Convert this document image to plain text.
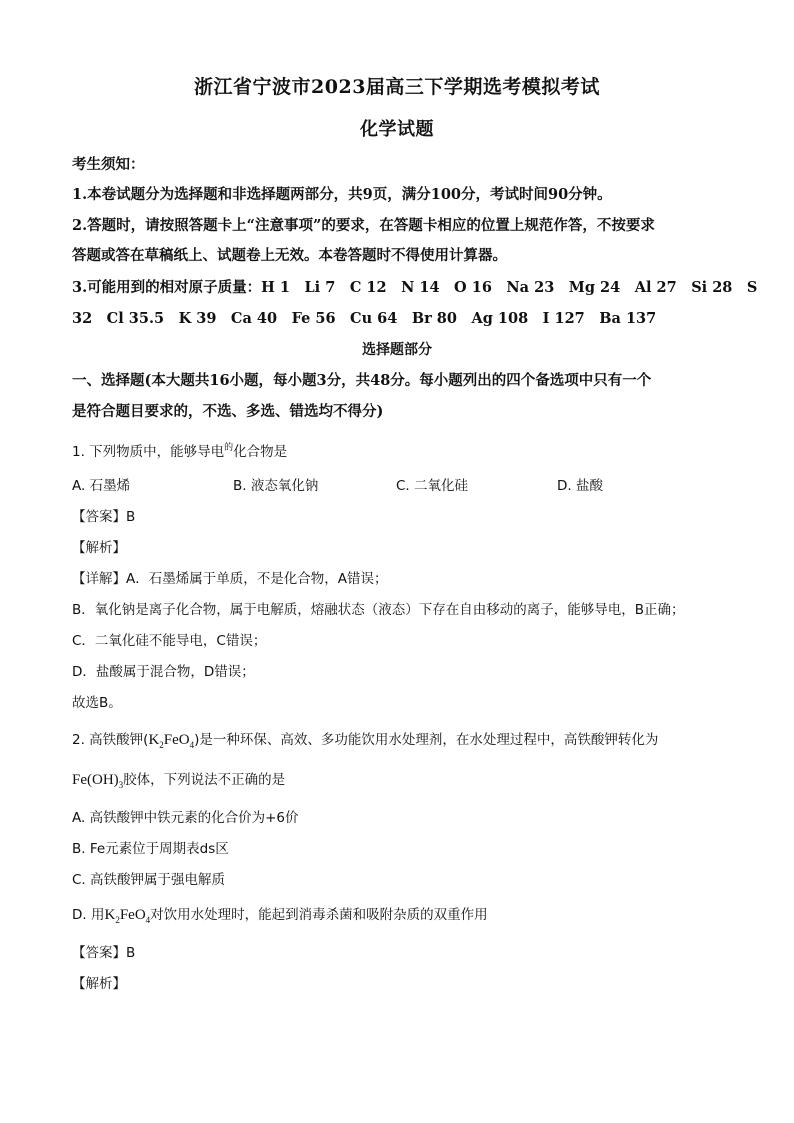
浙江省宁波市2023届高三下学期选考模拟考试
化学试题
考生须知：
1.本卷试题分为选择题和非选择题两部分，共9页，满分100分，考试时间90分钟。
2.答题时，请按照答题卡上“注意事项”的要求，在答题卡相应的位置上规范作答，不按要求
答题或答在草稿纸上、试题卷上无效。本卷答题时不得使用计算器。
3.可能用到的相对原子质量：H 1　Li 7　C 12　N 14　O 16　Na 23　Mg 24　Al 27　Si 28　S
32　Cl 35.5　K 39　Ca 40　Fe 56　Cu 64　Br 80　Ag 108　I 127　Ba 137
选择题部分
一、选择题(本大题共16小题，每小题3分，共48分。每小题列出的四个备选项中只有一个
是符合题目要求的，不选、多选、错选均不得分)
1. 下列物质中，能够导电$^的$化合物是
A. 石墨烯	B. 液态氧化钠	C. 二氧化硅	D. 盐酸
【答案】B
【解析】
【详解】A．石墨烯属于单质，不是化合物，A错误；
B．氧化钠是离子化合物，属于电解质，熔融状态（液态）下存在自由移动的离子，能够导电，B正确；
C．二氧化硅不能导电，C错误；
D．盐酸属于混合物，D错误；
故选B。
2. 高铁酸钾$(K_2FeO_4)$是一种环保、高效、多功能饮用水处理剂，在水处理过程中，高铁酸钾转化为
$Fe(OH)_3$胶体，下列说法不正确的是
A. 高铁酸钾中铁元素的化合价为+6价
B. Fe元素位于周期表ds区
C. 高铁酸钾属于强电解质
D. 用$K_2FeO_4$对饮用水处理时，能起到消毒杀菌和吸附杂质的双重作用
【答案】B
【解析】
